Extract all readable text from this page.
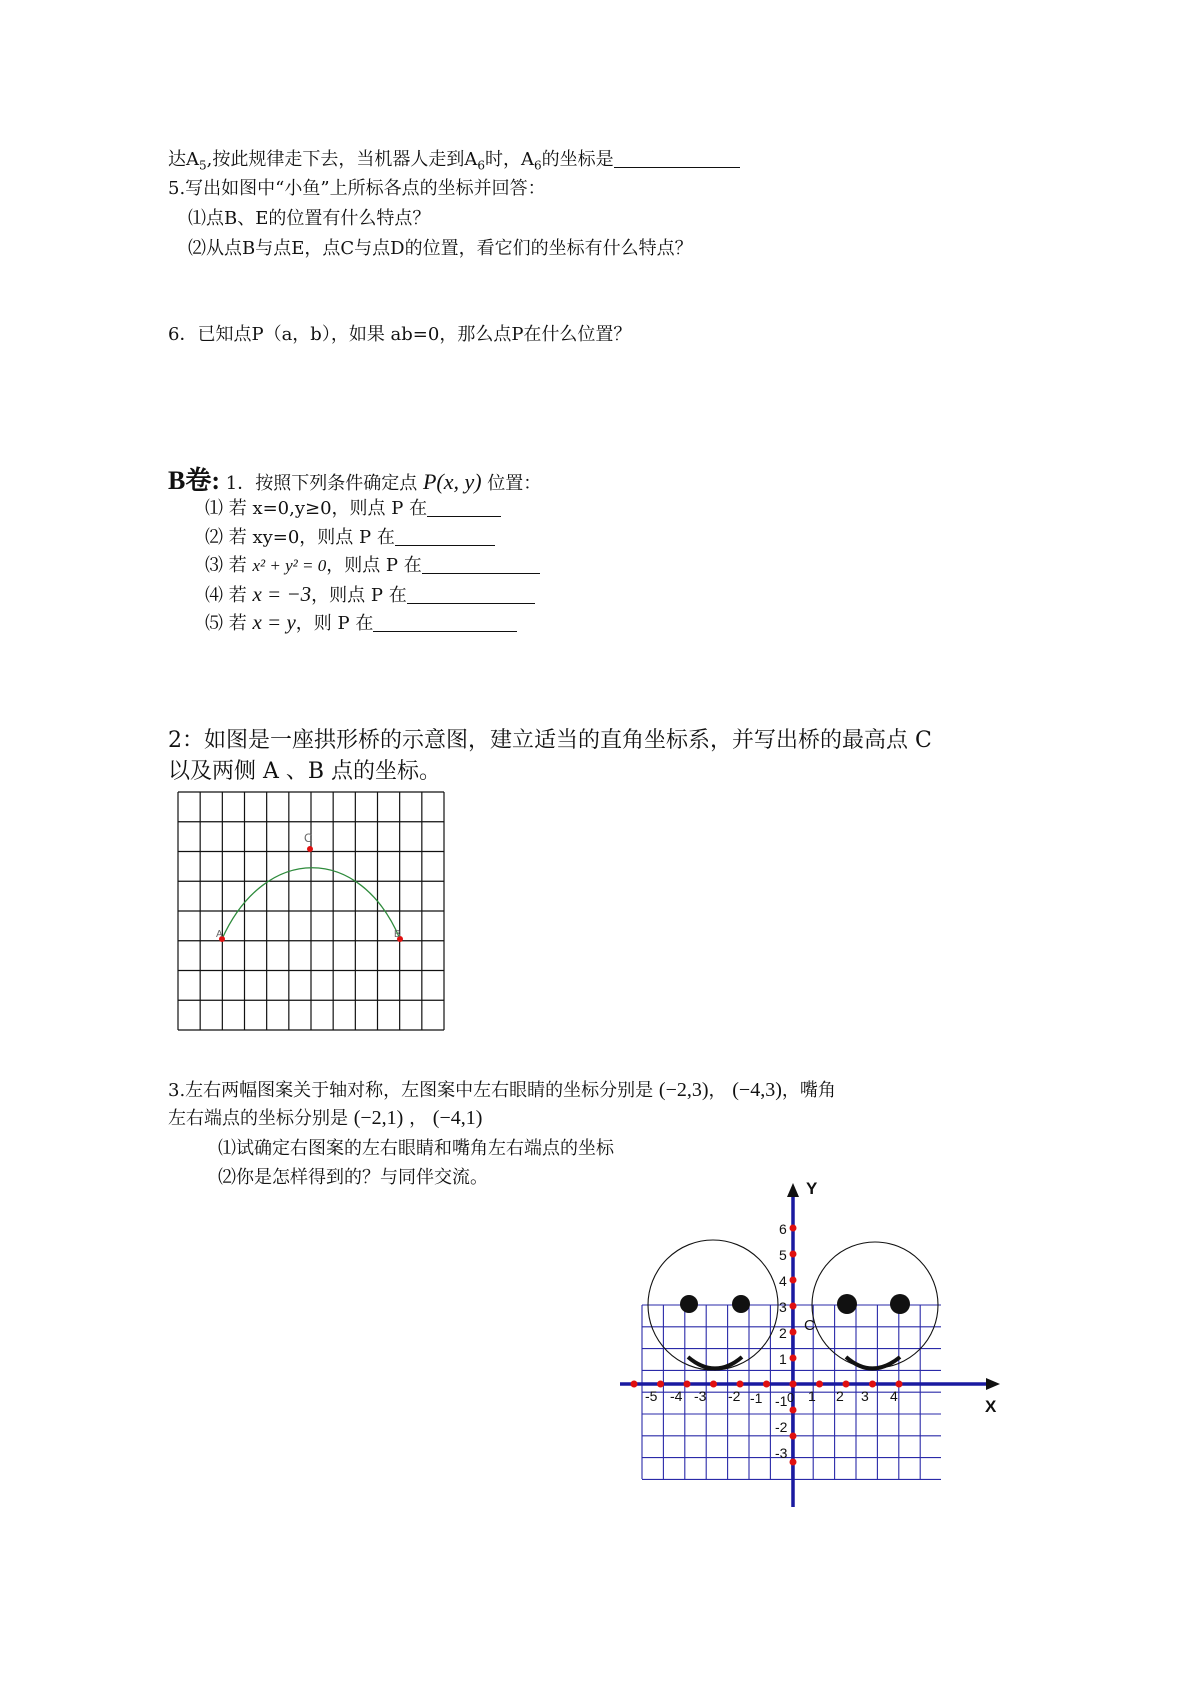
达$A_5$,按此规律走下去，当机器人走到$A_6$时，$A_6$的坐标是
5.写出如图中“小鱼”上所标各点的坐标并回答：
⑴点B、E的位置有什么特点？
⑵从点B与点E，点C与点D的位置，看它们的坐标有什么特点？
6．已知点P（a，b），如果 ab=0，那么点P在什么位置？
B卷: 1．按照下列条件确定点 P(x, y) 位置：
⑴ 若 x=0,y≥0，则点 P 在
⑵ 若 xy=0，则点 P 在
⑶ 若 x² + y² = 0，则点 P 在
⑷ 若 x = −3，则点 P 在
⑸ 若 x = y，则 P 在
2：如图是一座拱形桥的示意图，建立适当的直角坐标系，并写出桥的最高点 C
以及两侧 A 、B 点的坐标。
C
A	B
3.左右两幅图案关于轴对称，左图案中左右眼睛的坐标分别是 (−2,3)， (−4,3)，嘴角
左右端点的坐标分别是 (−2,1) ， (−4,1)
⑴试确定右图案的左右眼睛和嘴角左右端点的坐标
⑵你是怎样得到的？与同伴交流。
-5 -4 -3 -2 -1	1 2 3 4
1
2
3
4
5
6
-1
-2
-3
Y
X
C
0
